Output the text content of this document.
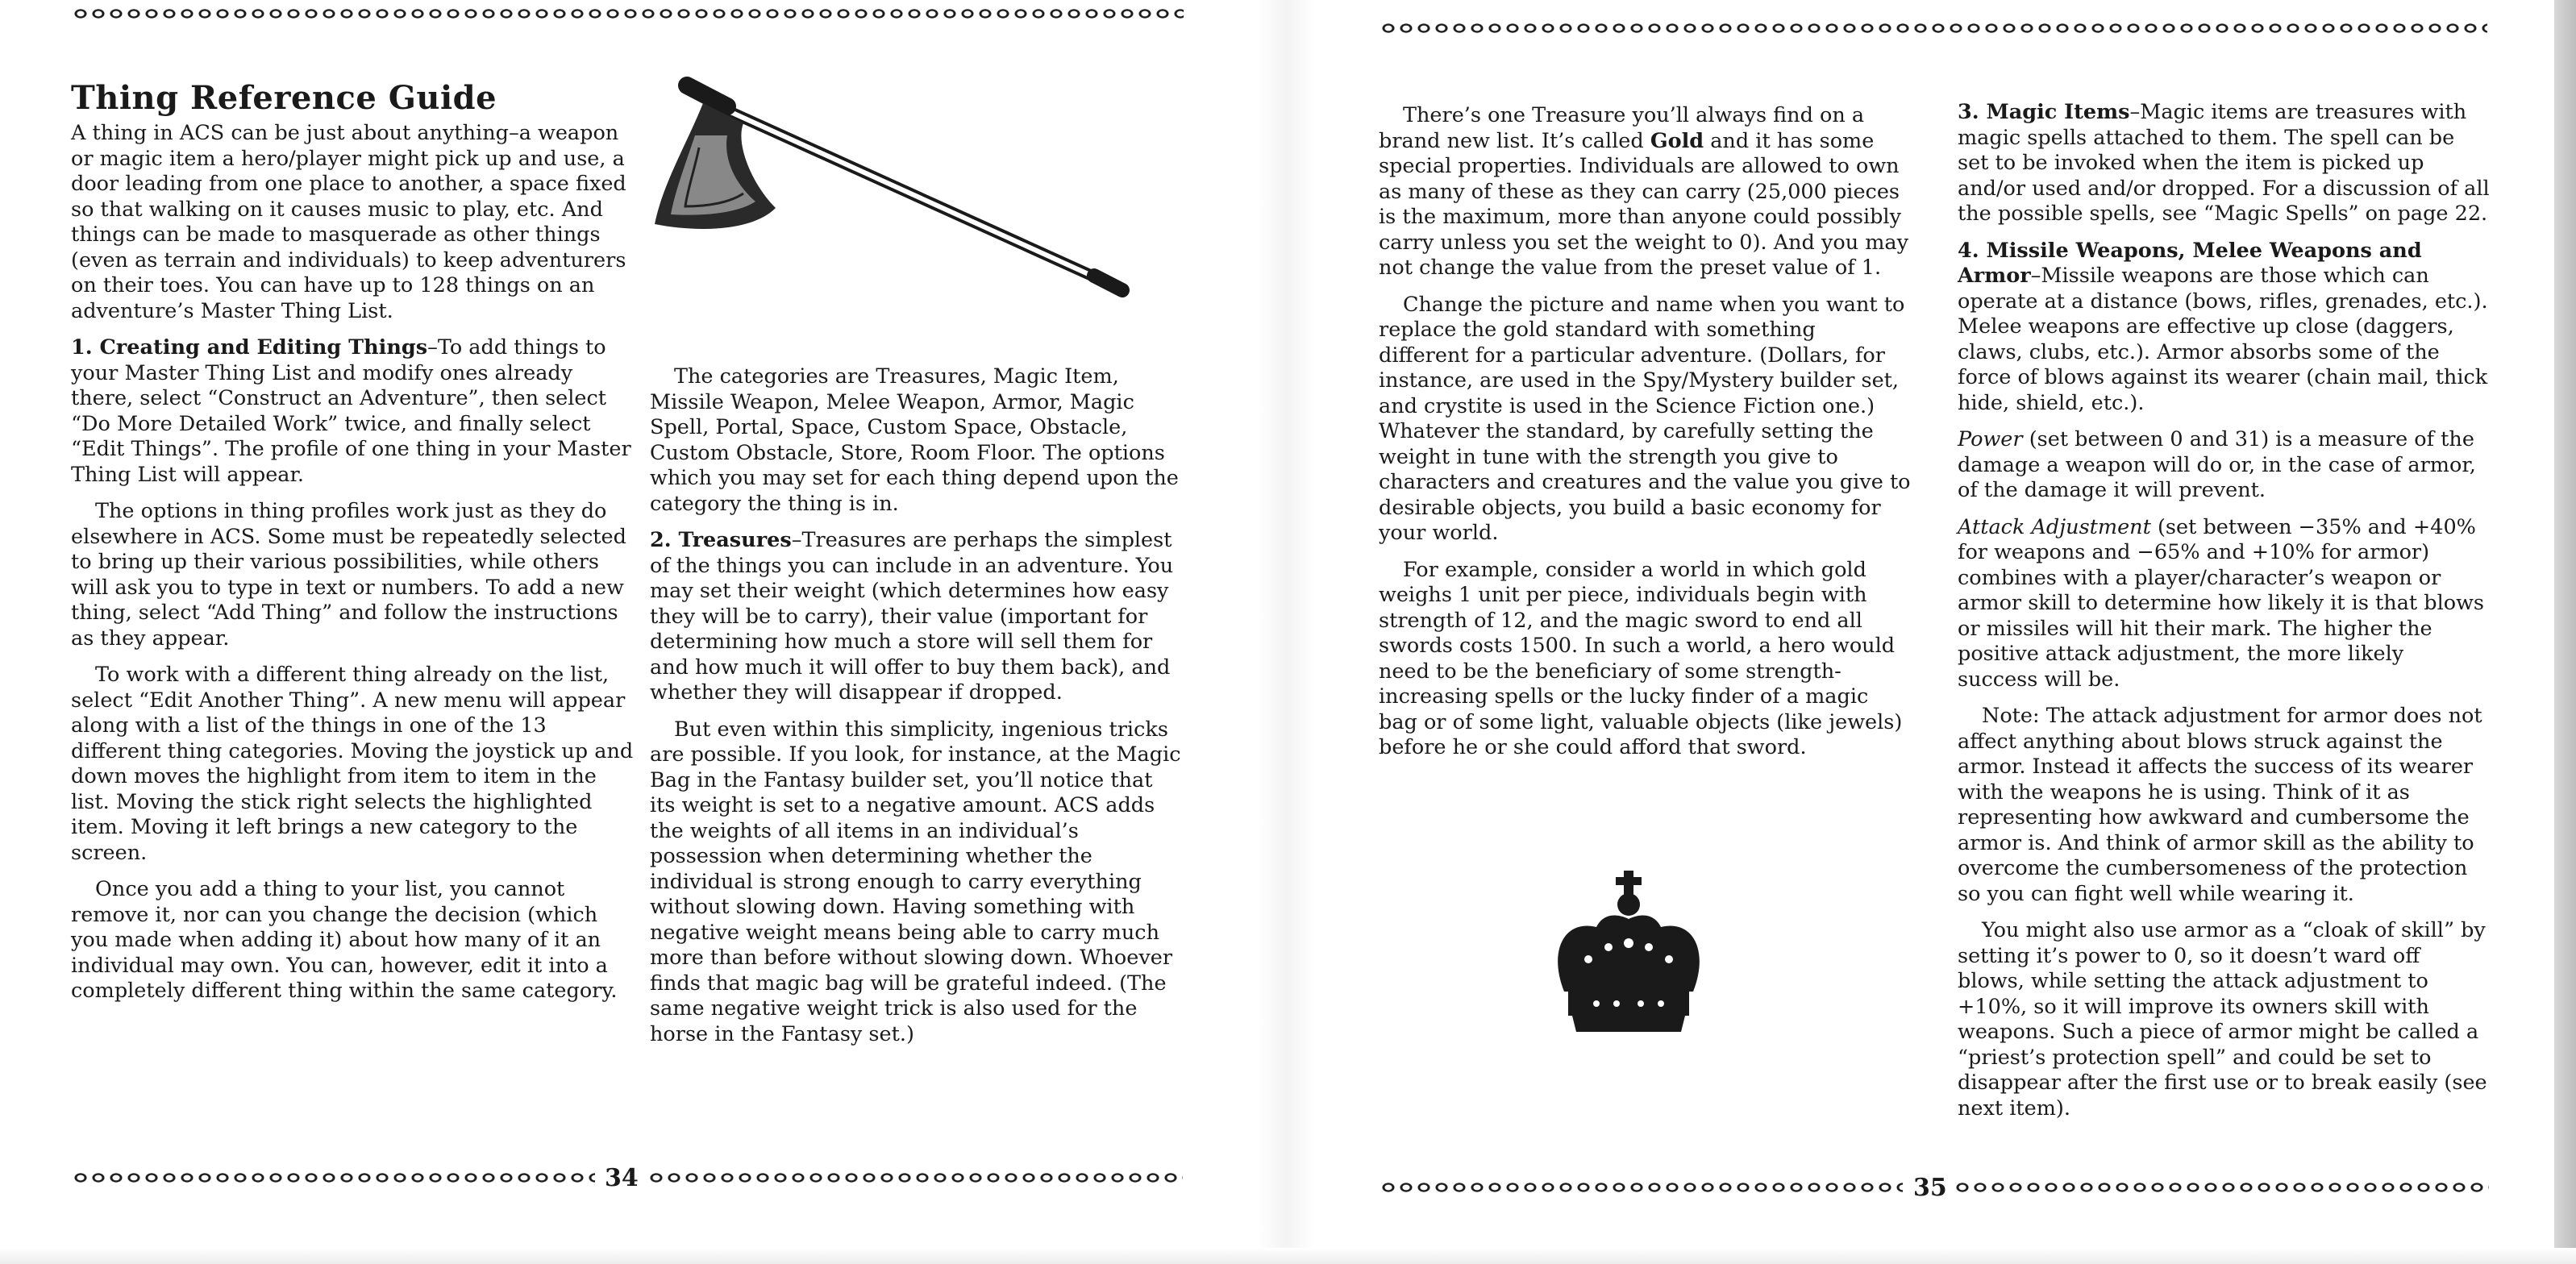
34	35
Thing Reference Guide

A thing in ACS can be just about anything–a weapon or magic item a hero/player might pick up and use, a door leading from one place to another, a space fixed so that walking on it causes music to play, etc. And things can be made to masquerade as other things (even as terrain and individuals) to keep adventurers on their toes. You can have up to 128 things on an adventure’s Master Thing List.

1. Creating and Editing Things–To add things to your Master Thing List and modify ones already there, select “Construct an Adventure”, then select “Do More Detailed Work” twice, and finally select “Edit Things”. The profile of one thing in your Master Thing List will appear.

The options in thing profiles work just as they do elsewhere in ACS. Some must be repeatedly selected to bring up their various possibilities, while others will ask you to type in text or numbers. To add a new thing, select “Add Thing” and follow the instructions as they appear.

To work with a different thing already on the list, select “Edit Another Thing”. A new menu will appear along with a list of the things in one of the 13 different thing categories. Moving the joystick up and down moves the highlight from item to item in the list. Moving the stick right selects the highlighted item. Moving it left brings a new category to the screen.

Once you add a thing to your list, you cannot remove it, nor can you change the decision (which you made when adding it) about how many of it an individual may own. You can, however, edit it into a completely different thing within the same category.

The categories are Treasures, Magic Item, Missile Weapon, Melee Weapon, Armor, Magic Spell, Portal, Space, Custom Space, Obstacle, Custom Obstacle, Store, Room Floor. The options which you may set for each thing depend upon the category the thing is in.

2. Treasures–Treasures are perhaps the simplest of the things you can include in an adventure. You may set their weight (which determines how easy they will be to carry), their value (important for determining how much a store will sell them for and how much it will offer to buy them back), and whether they will disappear if dropped.

But even within this simplicity, ingenious tricks are possible. If you look, for instance, at the Magic Bag in the Fantasy builder set, you’ll notice that its weight is set to a negative amount. ACS adds the weights of all items in an individual’s possession when determining whether the individual is strong enough to carry everything without slowing down. Having something with negative weight means being able to carry much more than before without slowing down. Whoever finds that magic bag will be grateful indeed. (The same negative weight trick is also used for the horse in the Fantasy set.)

There’s one Treasure you’ll always find on a brand new list. It’s called Gold and it has some special properties. Individuals are allowed to own as many of these as they can carry (25,000 pieces is the maximum, more than anyone could possibly carry unless you set the weight to 0). And you may not change the value from the preset value of 1.

Change the picture and name when you want to replace the gold standard with something different for a particular adventure. (Dollars, for instance, are used in the Spy/Mystery builder set, and crystite is used in the Science Fiction one.) Whatever the standard, by carefully setting the weight in tune with the strength you give to characters and creatures and the value you give to desirable objects, you build a basic economy for your world.

For example, consider a world in which gold weighs 1 unit per piece, individuals begin with strength of 12, and the magic sword to end all swords costs 1500. In such a world, a hero would need to be the beneficiary of some strength-increasing spells or the lucky finder of a magic bag or of some light, valuable objects (like jewels) before he or she could afford that sword.

3. Magic Items–Magic items are treasures with magic spells attached to them. The spell can be set to be invoked when the item is picked up and/or used and/or dropped. For a discussion of all the possible spells, see “Magic Spells” on page 22.

4. Missile Weapons, Melee Weapons and Armor–Missile weapons are those which can operate at a distance (bows, rifles, grenades, etc.). Melee weapons are effective up close (daggers, claws, clubs, etc.). Armor absorbs some of the force of blows against its wearer (chain mail, thick hide, shield, etc.).

Power (set between 0 and 31) is a measure of the damage a weapon will do or, in the case of armor, of the damage it will prevent.

Attack Adjustment (set between −35% and +40% for weapons and −65% and +10% for armor) combines with a player/character’s weapon or armor skill to determine how likely it is that blows or missiles will hit their mark. The higher the positive attack adjustment, the more likely success will be.

Note: The attack adjustment for armor does not affect anything about blows struck against the armor. Instead it affects the success of its wearer with the weapons he is using. Think of it as representing how awkward and cumbersome the armor is. And think of armor skill as the ability to overcome the cumbersomeness of the protection so you can fight well while wearing it.

You might also use armor as a “cloak of skill” by setting it’s power to 0, so it doesn’t ward off blows, while setting the attack adjustment to +10%, so it will improve its owners skill with weapons. Such a piece of armor might be called a “priest’s protection spell” and could be set to disappear after the first use or to break easily (see next item).
